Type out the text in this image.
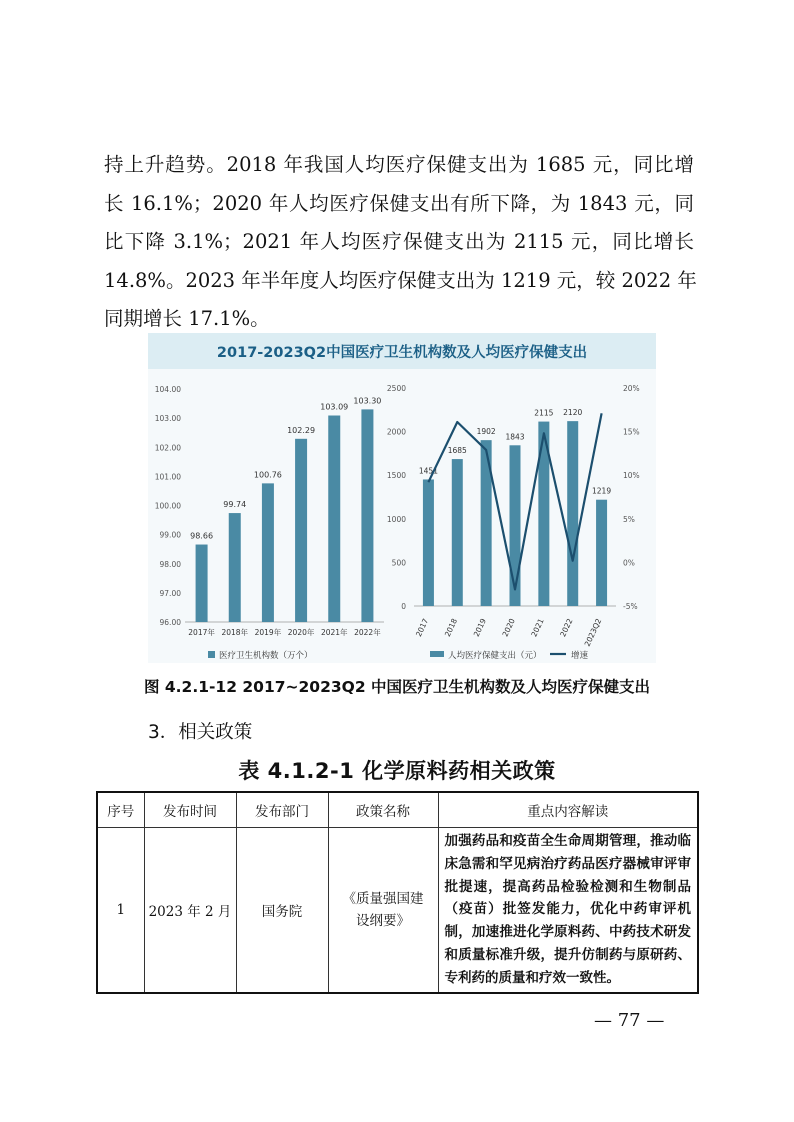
持上升趋势。2018 年我国人均医疗保健支出为 1685 元，同比增
长 16.1%；2020 年人均医疗保健支出有所下降，为 1843 元，同
比下降 3.1%；2021 年人均医疗保健支出为 2115 元，同比增长
14.8%。2023 年半年度人均医疗保健支出为 1219 元，较 2022 年
同期增长 17.1%。
2017-2023Q2中国医疗卫生机构数及人均医疗保健支出
104.00
103.00
102.00
101.00
100.00
99.00
98.00
97.00
96.00
98.66
2017年
99.74
2018年
100.76
2019年
102.29
2020年
103.09
2021年
103.30
2022年
医疗卫生机构数（万个）
2500
2000
1500
1000
500
0
20%
15%
10%
5%
0%
-5%
1451
2017
1685
2018
1902
2019
1843
2020
2115
2021
2120
2022
1219
2023Q2
人均医疗保健支出（元）	增速
图 4.2.1-12 2017~2023Q2 中国医疗卫生机构数及人均医疗保健支出
3．相关政策
表 4.1.2-1 化学原料药相关政策
序号	发布时间	发布部门	政策名称	重点内容解读
1	2023 年 2 月	国务院	《质量强国建设纲要》	加强药品和疫苗全生命周期管理，推动临床急需和罕见病治疗药品医疗器械审评审批提速，提高药品检验检测和生物制品（疫苗）批签发能力，优化中药审评机制，加速推进化学原料药、中药技术研发和质量标准升级，提升仿制药与原研药、专利药的质量和疗效一致性。
— 77 —
